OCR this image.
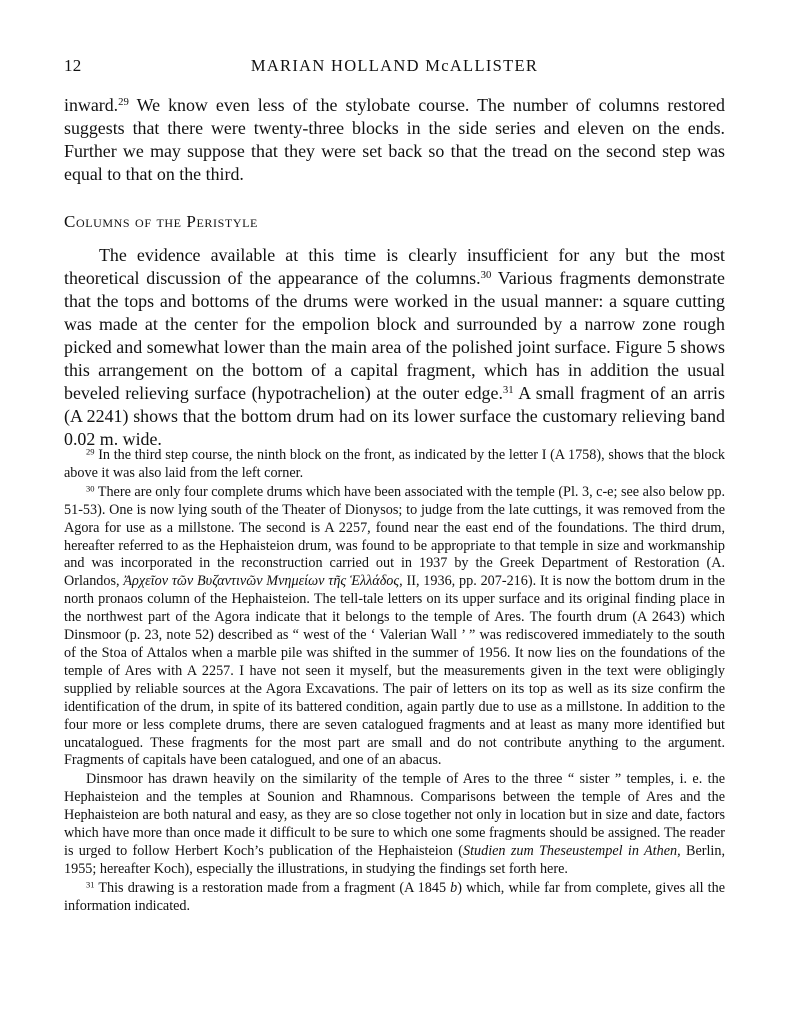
12	MARIAN HOLLAND McALLISTER

inward.$^{29}$ We know even less of the stylobate course. The number of columns restored suggests that there were twenty-three blocks in the side series and eleven on the ends. Further we may suppose that they were set back so that the tread on the second step was equal to that on the third.

Columns of the Peristyle

The evidence available at this time is clearly insufficient for any but the most theoretical discussion of the appearance of the columns.$^{30}$ Various fragments demonstrate that the tops and bottoms of the drums were worked in the usual manner: a square cutting was made at the center for the empolion block and surrounded by a narrow zone rough picked and somewhat lower than the main area of the polished joint surface. Figure 5 shows this arrangement on the bottom of a capital fragment, which has in addition the usual beveled relieving surface (hypotrachelion) at the outer edge.$^{31}$ A small fragment of an arris (A 2241) shows that the bottom drum had on its lower surface the customary relieving band 0.02 m. wide.

$^{29}$ In the third step course, the ninth block on the front, as indicated by the letter I (A 1758), shows that the block above it was also laid from the left corner.

$^{30}$ There are only four complete drums which have been associated with the temple (Pl. 3, c-e; see also below pp. 51-53). One is now lying south of the Theater of Dionysos; to judge from the late cuttings, it was removed from the Agora for use as a millstone. The second is A 2257, found near the east end of the foundations. The third drum, hereafter referred to as the Hephaisteion drum, was found to be appropriate to that temple in size and workmanship and was incorporated in the reconstruction carried out in 1937 by the Greek Department of Restoration (A. Orlandos, Ἀρχεῖον τῶν Βυζαντινῶν Μνημείων τῆς Ἑλλάδος, II, 1936, pp. 207-216). It is now the bottom drum in the north pronaos column of the Hephaisteion. The tell-tale letters on its upper surface and its original finding place in the northwest part of the Agora indicate that it belongs to the temple of Ares. The fourth drum (A 2643) which Dinsmoor (p. 23, note 52) described as “ west of the ‘ Valerian Wall ’ ” was rediscovered immediately to the south of the Stoa of Attalos when a marble pile was shifted in the summer of 1956. It now lies on the foundations of the temple of Ares with A 2257. I have not seen it myself, but the measurements given in the text were obligingly supplied by reliable sources at the Agora Excavations. The pair of letters on its top as well as its size confirm the identification of the drum, in spite of its battered condition, again partly due to use as a millstone. In addition to the four more or less complete drums, there are seven catalogued fragments and at least as many more identified but uncatalogued. These fragments for the most part are small and do not contribute anything to the argument. Fragments of capitals have been catalogued, and one of an abacus.

Dinsmoor has drawn heavily on the similarity of the temple of Ares to the three “ sister ” temples, i. e. the Hephaisteion and the temples at Sounion and Rhamnous. Comparisons between the temple of Ares and the Hephaisteion are both natural and easy, as they are so close together not only in location but in size and date, factors which have more than once made it difficult to be sure to which one some fragments should be assigned. The reader is urged to follow Herbert Koch’s publication of the Hephaisteion (Studien zum Theseustempel in Athen, Berlin, 1955; hereafter Koch), especially the illustrations, in studying the findings set forth here.

$^{31}$ This drawing is a restoration made from a fragment (A 1845 b) which, while far from complete, gives all the information indicated.
